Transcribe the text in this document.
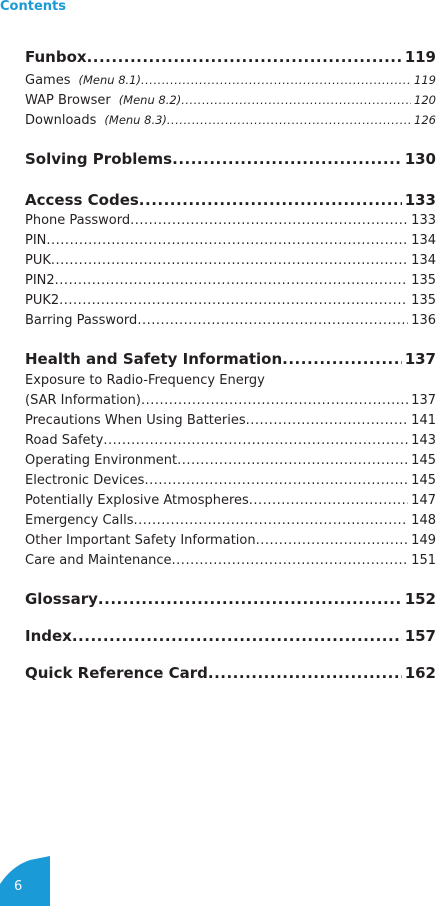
Contents
Funbox .....	119
Games (Menu 8.1) .....	119
WAP Browser (Menu 8.2) .....	120
Downloads (Menu 8.3) .....	126
Solving Problems .....	130
Access Codes .....	133
Phone Password .....	133
PIN .....	134
PUK .....	134
PIN2 .....	135
PUK2 .....	135
Barring Password .....	136
Health and Safety Information .....	137
Exposure to Radio-Frequency Energy
(SAR Information) .....	137
Precautions When Using Batteries .....	141
Road Safety .....	143
Operating Environment .....	145
Electronic Devices .....	145
Potentially Explosive Atmospheres .....	147
Emergency Calls .....	148
Other Important Safety Information .....	149
Care and Maintenance .....	151
Glossary .....	152
Index .....	157
Quick Reference Card .....	162
6
